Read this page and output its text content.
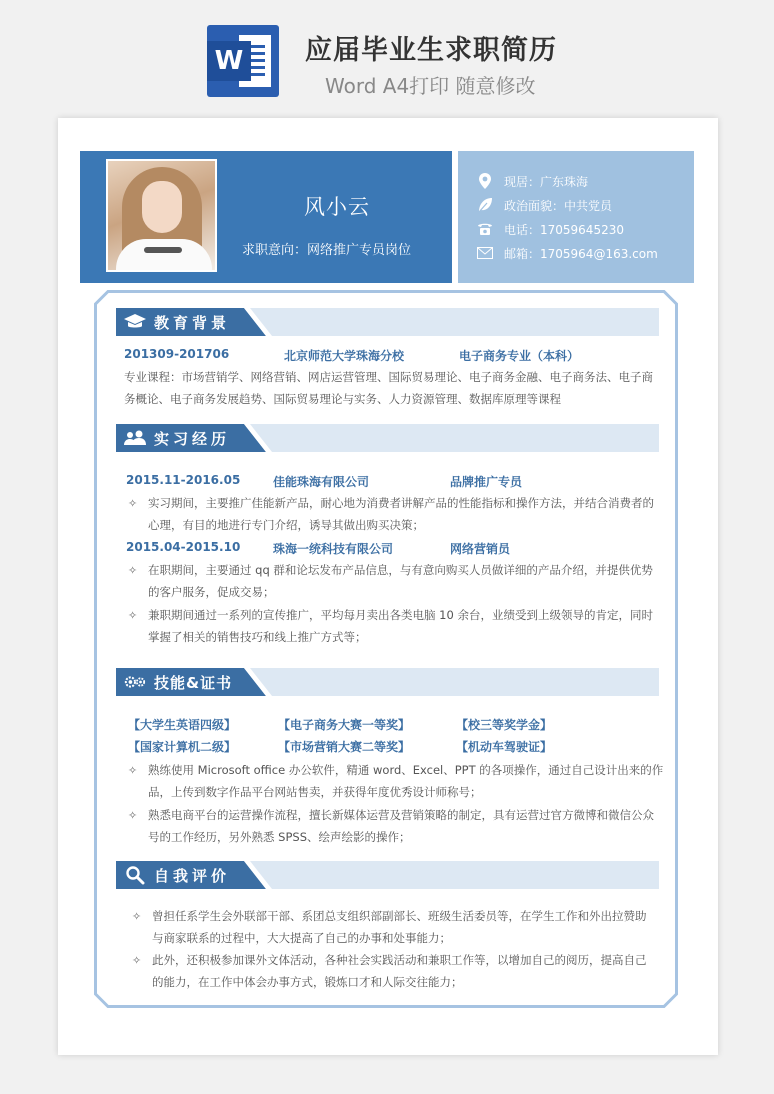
W 应届毕业生求职简历
Word A4打印 随意修改
风小云
求职意向：网络推广专员岗位
现居：广东珠海
政治面貌：中共党员
电话：17059645230
邮箱：1705964@163.com
教育背景
201309-201706	北京师范大学珠海分校	电子商务专业（本科）
专业课程：市场营销学、网络营销、网店运营管理、国际贸易理论、电子商务金融、电子商务法、电子商
务概论、电子商务发展趋势、国际贸易理论与实务、人力资源管理、数据库原理等课程
实习经历
2015.11-2016.05	佳能珠海有限公司	品牌推广专员
✧ 实习期间，主要推广佳能新产品，耐心地为消费者讲解产品的性能指标和操作方法，并结合消费者的
心理，有目的地进行专门介绍，诱导其做出购买决策；
2015.04-2015.10	珠海一统科技有限公司	网络营销员
✧ 在职期间，主要通过 qq 群和论坛发布产品信息，与有意向购买人员做详细的产品介绍，并提供优势
的客户服务，促成交易；
✧ 兼职期间通过一系列的宣传推广，平均每月卖出各类电脑 10 余台，业绩受到上级领导的肯定，同时
掌握了相关的销售技巧和线上推广方式等；
技能&证书
【大学生英语四级】	【电子商务大赛一等奖】	【校三等奖学金】
【国家计算机二级】	【市场营销大赛二等奖】	【机动车驾驶证】
✧ 熟练使用 Microsoft office 办公软件，精通 word、Excel、PPT 的各项操作，通过自己设计出来的作
品，上传到数字作品平台网站售卖，并获得年度优秀设计师称号；
✧ 熟悉电商平台的运营操作流程，擅长新媒体运营及营销策略的制定，具有运营过官方微博和微信公众
号的工作经历，另外熟悉 SPSS、绘声绘影的操作；
自我评价
✧ 曾担任系学生会外联部干部、系团总支组织部副部长、班级生活委员等，在学生工作和外出拉赞助
与商家联系的过程中，大大提高了自己的办事和处事能力；
✧ 此外，还积极参加课外文体活动，各种社会实践活动和兼职工作等，以增加自己的阅历，提高自己
的能力，在工作中体会办事方式，锻炼口才和人际交往能力；
